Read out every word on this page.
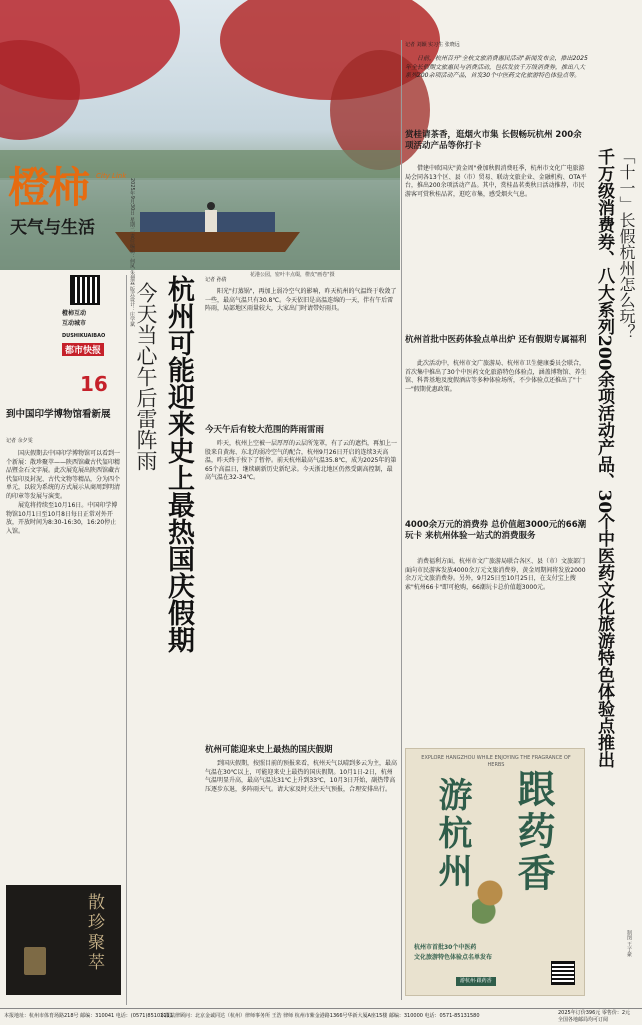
橙柿 City Link
天气与生活	2025年9月30日 星期二 责任编辑：何风 朱翅霖 版式设计：庄学斌	花港公园，密叶丰点缀，橙皮"画卷"摄
橙柿互动
互动城市
DUSHIKUAIBAO
都市快报
16
到中国印学博物馆看新展
记者 余夕雯

国庆假期去中国印学博物馆可以看到一个新展：散珍聚萃——陕西馆藏古代玺印精品暨金石文字展。此次展览展出陕西馆藏古代玺印及封泥、古代文物等精品，分为四个单元，以较为系统的方式展示从商周到明清的印章等发展与演变。

展览将持续至10月16日。中国印学博物馆10月1日至10月8日每日正常对外开放，开放时间为8:30-16:30，16:20停止入馆。

散珍聚萃
杭州可能迎来史上最热国庆假期
今天当心午后雷阵雨
记者 孙倩

阳光"打蒸锅"，再加上弱冷空气的影响，昨天杭州的气温终于收敛了一些，最高气温只有30.8℃。今天依旧是高温连绵的一天，伴有午后雷阵雨，局部地区雨量较大，大家出门时请带好雨具。

今天午后有较大范围的阵雨雷雨

昨天，杭州上空被一层厚厚的云层所笼罩，有了云的遮挡，再加上一股来自黄海、东北的弱冷空气的配合，杭州9月26日开启的连续3天高温，昨天终于按下了暂停。前天杭州最高气温35.8℃，成为2025年的第65个高温日，继续刷新历史新纪录。今天浙北地区仍然受副高控制，最高气温在32-34℃。

杭州可能迎来史上最热的国庆假期

到国庆假期，按照目前的预报来看，杭州天气以晴到多云为主，最高气温在30℃以上，可能迎来史上最热的国庆假期。10月1日-2日，杭州气温明显升高，最高气温达31℃上升到33℃，10月3日开始，副热带高压逐步东退，多阵雨天气。请大家及时关注天气预报，合理安排出行。

记者 刘颖 实习生 张晓远

日前，杭州召开"全杭文旅消费惠民活动"新闻发布会，推出2025年全长假期文旅惠民与消费活动，包括发放千万级消费券，推出八大系列200余项活动产品，首发30个中医药文化旅游特色体验点等。

「十一」长假杭州怎么玩？
千万级消费券、八大系列200余项活动产品、30个中医药文化旅游特色体验点推出
赏桂请茶香，逛烟火市集 长假畅玩杭州 200余项活动产品等你打卡

借建中欧国庆"黄金周"叠加秋假消费旺季，杭州市文化广电旅游局会同各13个区、县（市）贸易、联动文旅企业、金融机构、OTA平台，推出200余项活动产品。其中，赏桂品茗类秋日活动推荐，市民游客可赏秋桂品茗，逛吃市集，感受烟火气息。

杭州首批中医药体验点单出炉 还有假期专属福利

此次活动中，杭州市文广旅游局、杭州市卫生健康委员会联合，首次集中推出了30个中医药文化旅游特色体验点，涵盖博物馆、养生馆、科普基地及度假酒店等多种体验场所，不少体验点还推出了"十一"假期优惠政策。

4000余万元的消费券 总价值超3000元的66潮玩卡 来杭州体验一站式的消费服务

消费福利方面，杭州市文广旅游局联合各区、县（市）文旅部门面向市民游客发放4000余万元文旅消费券，黄金周期间将发放2000余万元文旅消费券。另外，9月25日至10月25日，在支付宝上搜索"杭州66卡"即可抢购，66潮玩卡总价值超3000元。

EXPLORE HANGZHOU WHILE ENJOYING THE FRAGRANCE OF HERBS
游杭州 跟药香
杭州市首批30个中医药
文化旅游特色体验点名单发布
游杭州·跟药香
制图 王子豪
本报地址：杭州市体育场路218号 邮编：310041 电话：(0571)85101111
本报法律顾问：北京金诚同达（杭州）律师事务所 王浩 律师 杭州市紫金港路1366号华新大厦A座15楼 邮编：310000 电话：0571-85131580	2025年订价396元 零售价：2元
全国各地邮局均可订阅
